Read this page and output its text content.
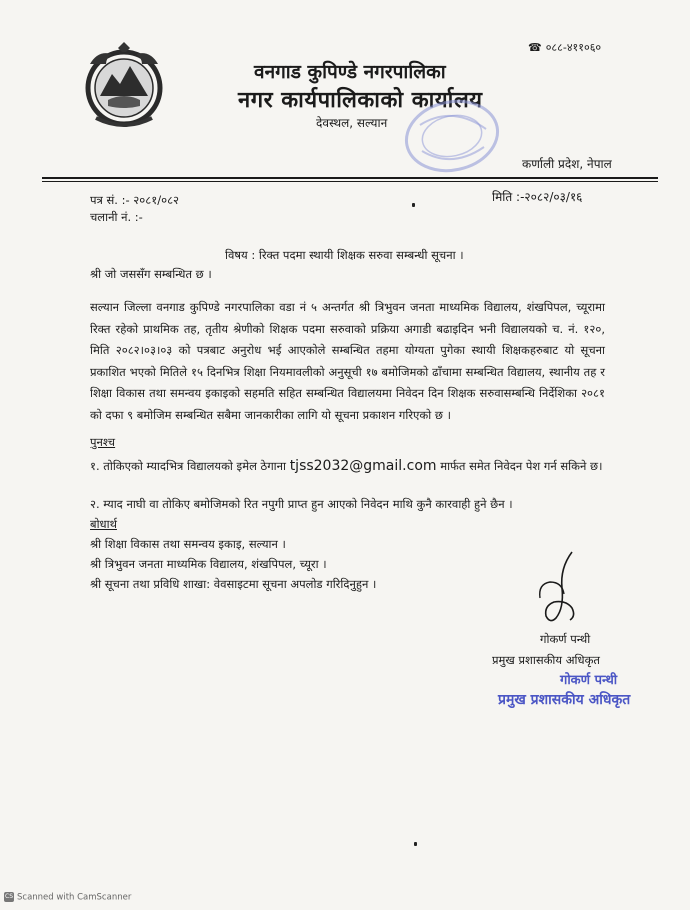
☎ ०८८-४११०६०
वनगाड कुपिण्डे नगरपालिका
नगर कार्यपालिकाको कार्यालय
देवस्थल, सल्यान
कर्णाली प्रदेश, नेपाल
पत्र सं. :- २०८१/०८२
चलानी नं. :-
मिति :-२०८२/०३/१६
विषय : रिक्त पदमा स्थायी शिक्षक सरुवा सम्बन्धी सूचना ।
श्री जो जससँग सम्बन्धित छ ।
सल्यान जिल्ला वनगाड कुपिण्डे नगरपालिका वडा नं ५ अन्तर्गत श्री त्रिभुवन जनता माध्यमिक विद्यालय, शंखपिपल, च्यूरामा रिक्त रहेको प्राथमिक तह, तृतीय श्रेणीको शिक्षक पदमा सरुवाको प्रक्रिया अगाडी बढाइदिन भनी विद्यालयको च. नं. १२०, मिति २०८२।०३।०३ को पत्रबाट अनुरोध भई आएकोले सम्बन्धित तहमा योग्यता पुगेका स्थायी शिक्षकहरुबाट यो सूचना प्रकाशित भएको मितिले १५ दिनभित्र शिक्षा नियमावलीको अनुसूची १७ बमोजिमको ढाँचामा सम्बन्धित विद्यालय, स्थानीय तह र शिक्षा विकास तथा समन्वय इकाइको सहमति सहित सम्बन्धित विद्यालयमा निवेदन दिन शिक्षक सरुवासम्बन्धि निर्देशिका २०८१ को दफा ९ बमोजिम सम्बन्धित सबैमा जानकारीका लागि यो सूचना प्रकाशन गरिएको छ ।
पुनश्च
१. तोकिएको म्यादभित्र विद्यालयको इमेल ठेगाना tjss2032@gmail.com मार्फत समेत निवेदन पेश गर्न सकिने छ।
२. म्याद नाघी वा तोकिए बमोजिमको रित नपुगी प्राप्त हुन आएको निवेदन माथि कुनै कारवाही हुने छैन ।
बोधार्थ
श्री शिक्षा विकास तथा समन्वय इकाइ, सल्यान ।
श्री त्रिभुवन जनता माध्यमिक विद्यालय, शंखपिपल, च्यूरा ।
श्री सूचना तथा प्रविधि शाखा: वेवसाइटमा सूचना अपलोड गरिदिनुहुन ।
गोकर्ण पन्थी
प्रमुख प्रशासकीय अधिकृत
गोकर्ण पन्थी
प्रमुख प्रशासकीय अधिकृत
CS Scanned with CamScanner
